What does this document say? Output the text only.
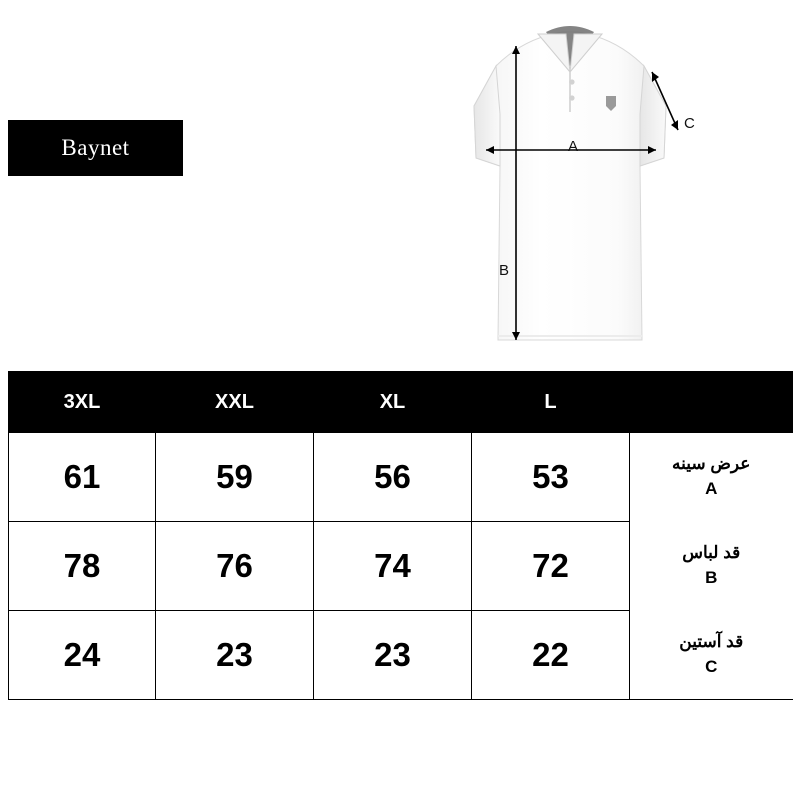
Baynet	A
B
C
3XL	XXL	XL	L	
61	59	56	53	عرض سینه
A

78	76	74	72	قد لباس
B

24	23	23	22	قد آستین
C
